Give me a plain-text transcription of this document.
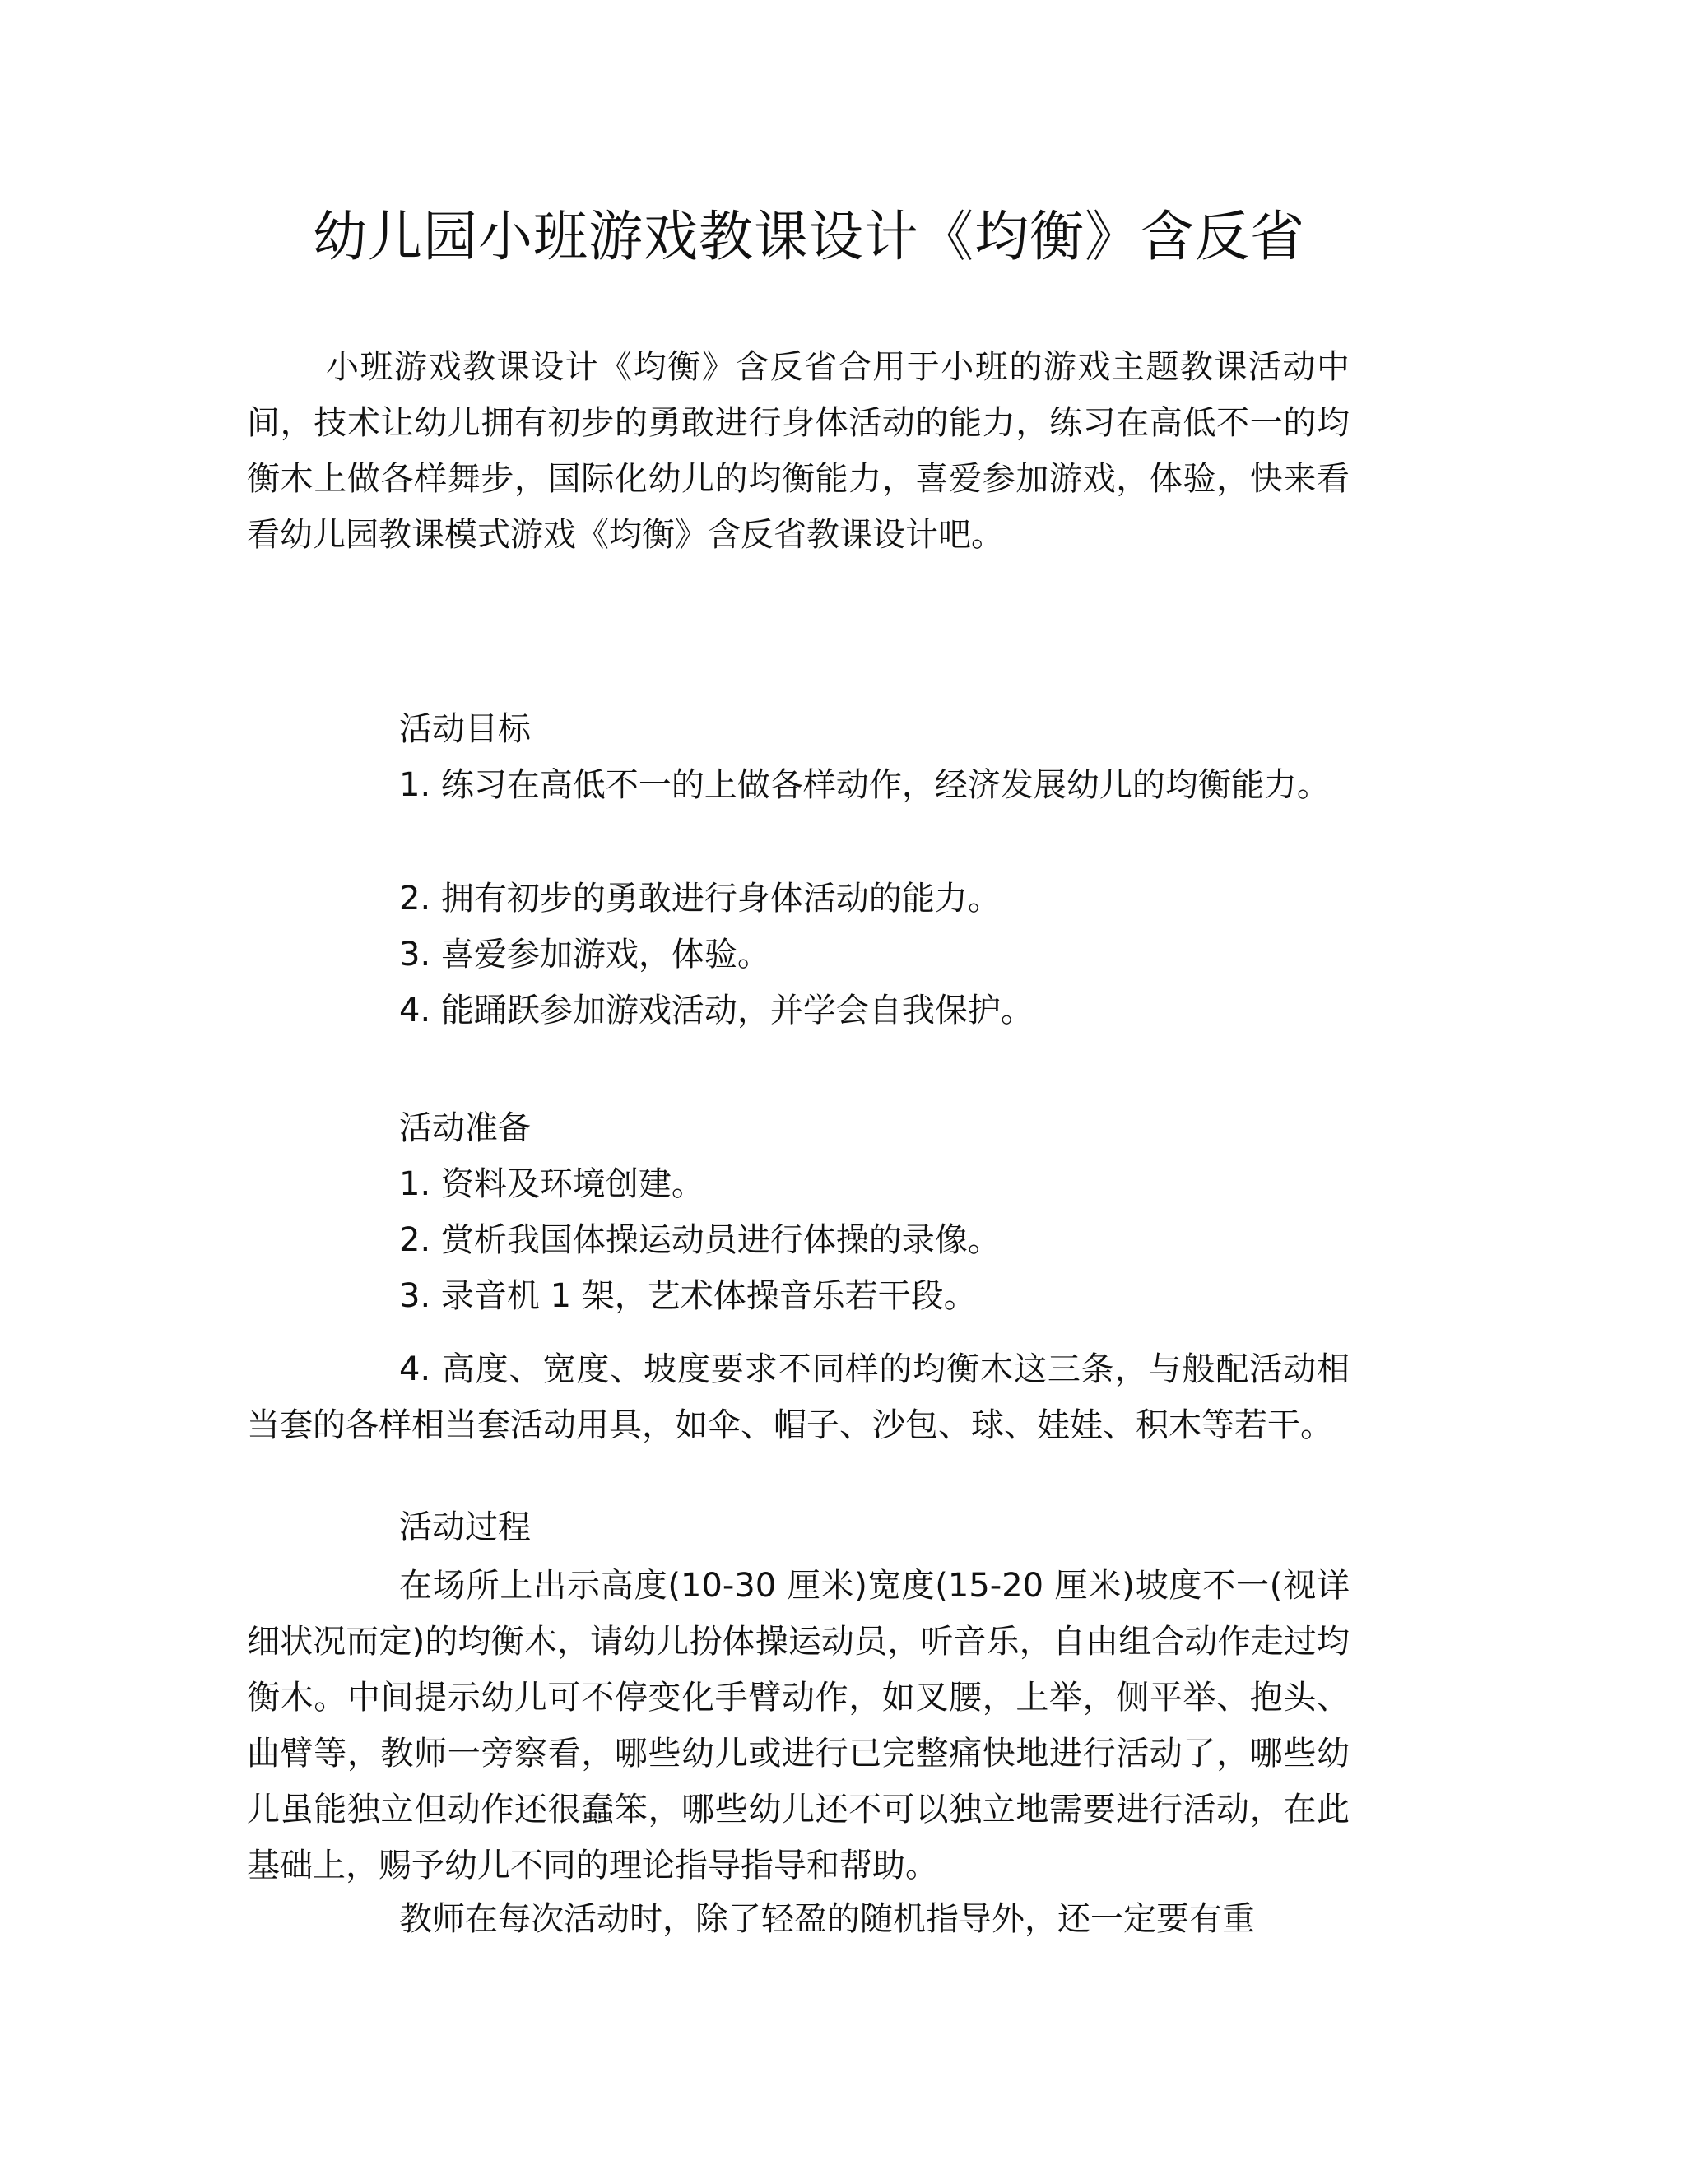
幼儿园小班游戏教课设计《均衡》含反省

小班游戏教课设计《均衡》含反省合用于小班的游戏主题教课活动中间，技术让幼儿拥有初步的勇敢进行身体活动的能力，练习在高低不一的均衡木上做各样舞步，国际化幼儿的均衡能力，喜爱参加游戏，体验，快来看看幼儿园教课模式游戏《均衡》含反省教课设计吧。

活动目标

1. 练习在高低不一的上做各样动作，经济发展幼儿的均衡能力。

2. 拥有初步的勇敢进行身体活动的能力。

3. 喜爱参加游戏，体验。

4. 能踊跃参加游戏活动，并学会自我保护。

活动准备

1. 资料及环境创建。

2. 赏析我国体操运动员进行体操的录像。

3. 录音机 1 架，艺术体操音乐若干段。

4. 高度、宽度、坡度要求不同样的均衡木这三条，与般配活动相当套的各样相当套活动用具，如伞、帽子、沙包、球、娃娃、积木等若干。

活动过程

在场所上出示高度(10-30 厘米)宽度(15-20 厘米)坡度不一(视详细状况而定)的均衡木，请幼儿扮体操运动员，听音乐，自由组合动作走过均衡木。中间提示幼儿可不停变化手臂动作，如叉腰，上举，侧平举、抱头、曲臂等，教师一旁察看，哪些幼儿或进行已完整痛快地进行活动了，哪些幼儿虽能独立但动作还很蠢笨，哪些幼儿还不可以独立地需要进行活动，在此基础上，赐予幼儿不同的理论指导指导和帮助。

教师在每次活动时，除了轻盈的随机指导外，还一定要有重
